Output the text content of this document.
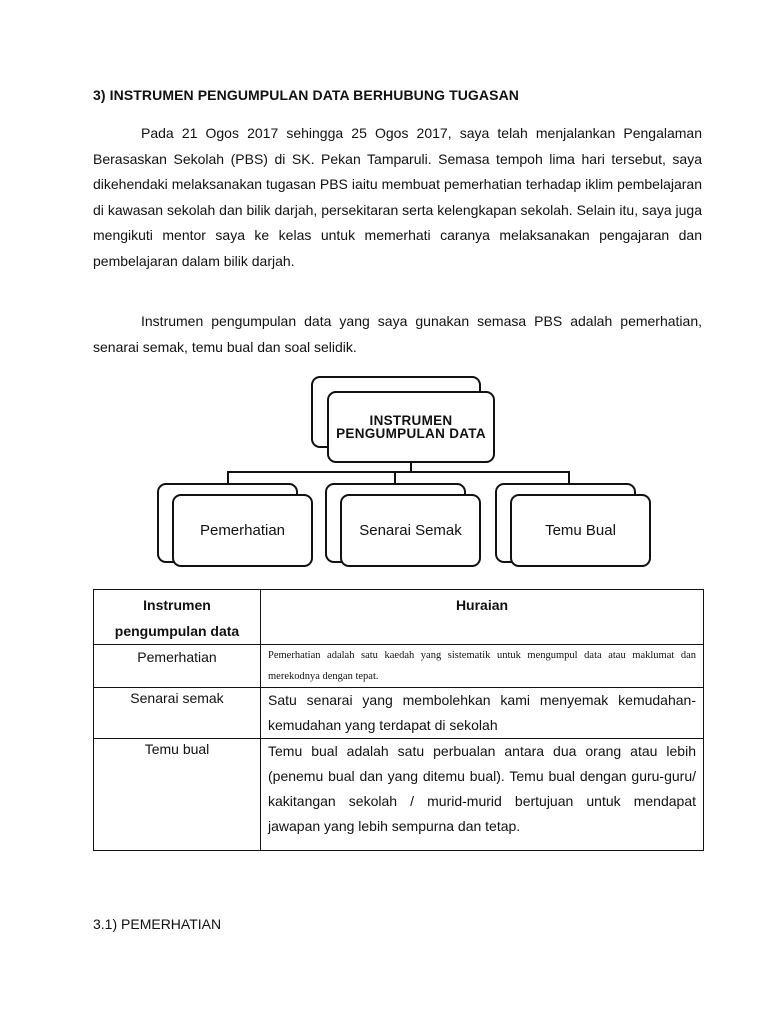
3) INSTRUMEN PENGUMPULAN DATA BERHUBUNG TUGASAN

Pada 21 Ogos 2017 sehingga 25 Ogos 2017, saya telah menjalankan Pengalaman Berasaskan Sekolah (PBS) di SK. Pekan Tamparuli. Semasa tempoh lima hari tersebut, saya dikehendaki melaksanakan tugasan PBS iaitu membuat pemerhatian terhadap iklim pembelajaran di kawasan sekolah dan bilik darjah, persekitaran serta kelengkapan sekolah. Selain itu, saya juga mengikuti mentor saya ke kelas untuk memerhati caranya melaksanakan pengajaran dan pembelajaran dalam bilik darjah.

Instrumen pengumpulan data yang saya gunakan semasa PBS adalah pemerhatian, senarai semak, temu bual dan soal selidik.

INSTRUMEN PENGUMPULAN DATA
Pemerhatian	Senarai Semak	Temu Bual
Instrumen pengumpulan data	Huraian
Pemerhatian	Pemerhatian adalah satu kaedah yang sistematik untuk mengumpul data atau maklumat dan merekodnya dengan tepat.
Senarai semak	Satu senarai yang membolehkan kami menyemak kemudahan-kemudahan yang terdapat di sekolah
Temu bual	Temu bual adalah satu perbualan antara dua orang atau lebih (penemu bual dan yang ditemu bual). Temu bual dengan guru-guru/ kakitangan sekolah / murid-murid bertujuan untuk mendapat jawapan yang lebih sempurna dan tetap.
3.1) PEMERHATIAN
